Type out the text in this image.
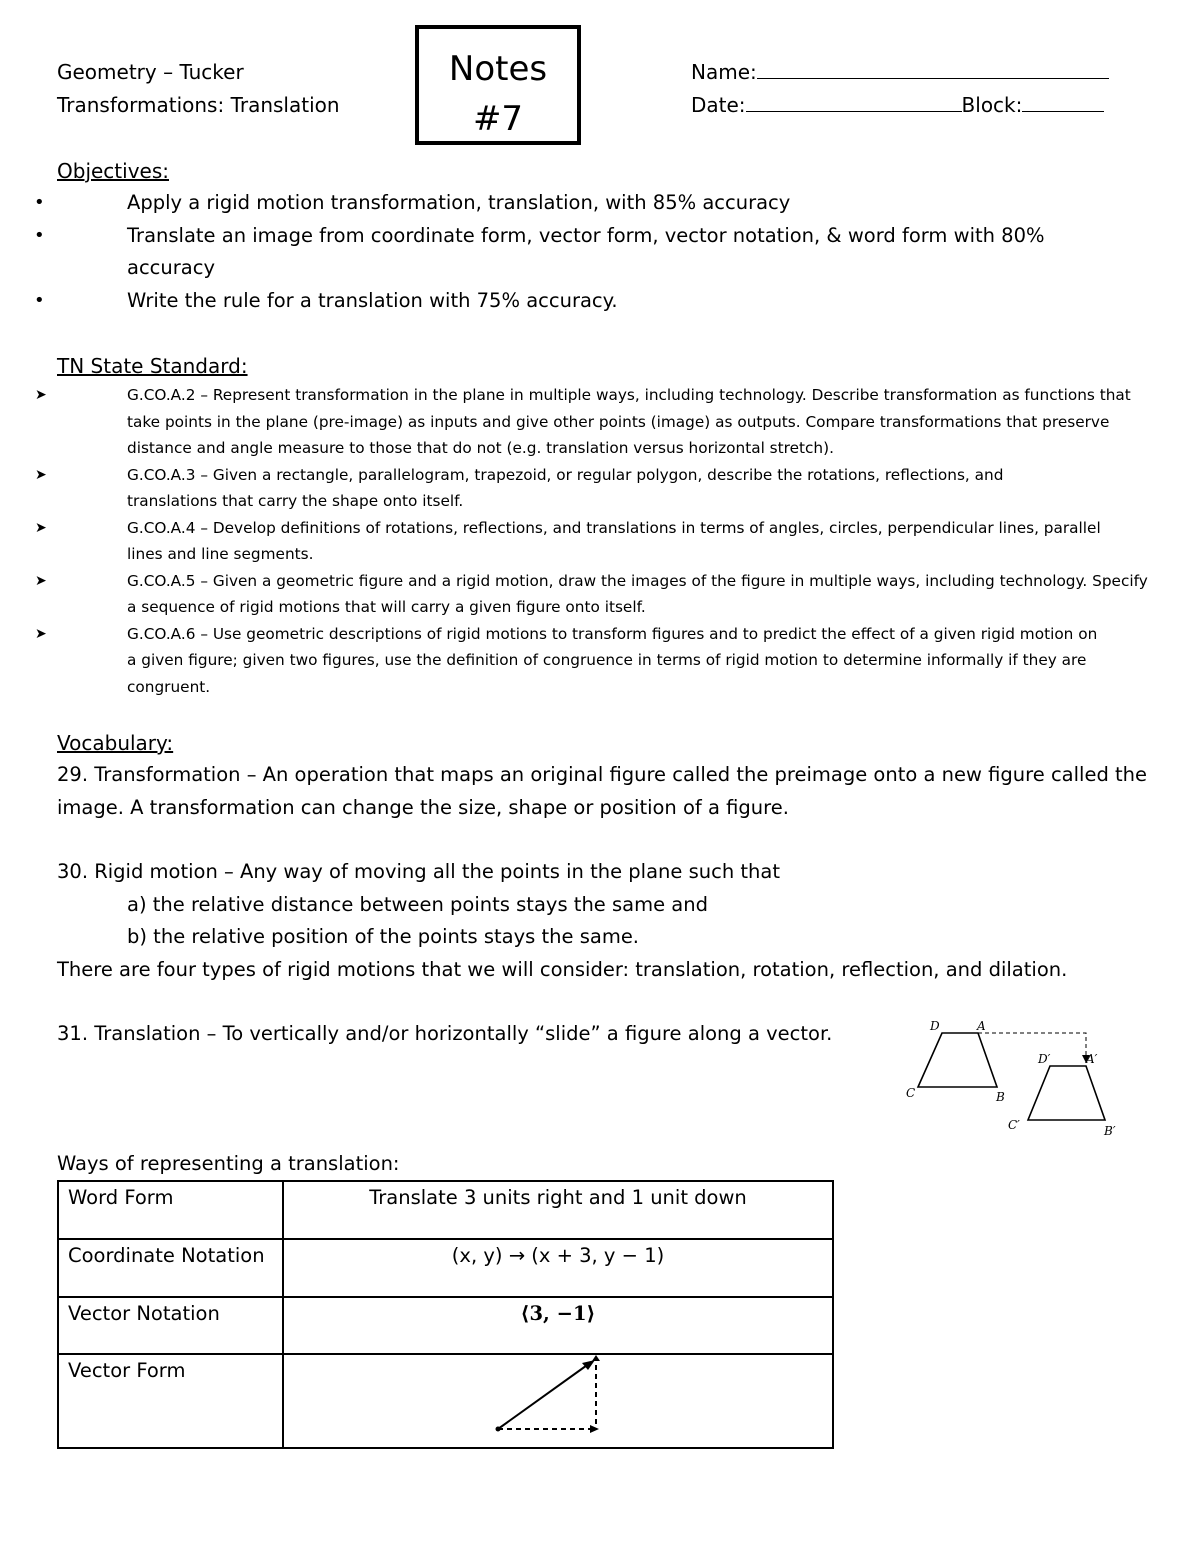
Geometry – Tucker
Transformations: Translation
Notes
#7
Name:
Date:	Block:
Objectives:
• Apply a rigid motion transformation, translation, with 85% accuracy
• Translate an image from coordinate form, vector form, vector notation, & word form with 80% accuracy
• Write the rule for a translation with 75% accuracy.
TN State Standard:
➤ G.CO.A.2 – Represent transformation in the plane in multiple ways, including technology. Describe transformation as functions that take points in the plane (pre-image) as inputs and give other points (image) as outputs. Compare transformations that preserve distance and angle measure to those that do not (e.g. translation versus horizontal stretch).
➤ G.CO.A.3 – Given a rectangle, parallelogram, trapezoid, or regular polygon, describe the rotations, reflections, and translations that carry the shape onto itself.
➤ G.CO.A.4 – Develop definitions of rotations, reflections, and translations in terms of angles, circles, perpendicular lines, parallel lines and line segments.
➤ G.CO.A.5 – Given a geometric figure and a rigid motion, draw the images of the figure in multiple ways, including technology. Specify a sequence of rigid motions that will carry a given figure onto itself.
➤ G.CO.A.6 – Use geometric descriptions of rigid motions to transform figures and to predict the effect of a given rigid motion on a given figure; given two figures, use the definition of congruence in terms of rigid motion to determine informally if they are congruent.
Vocabulary:
29. Transformation – An operation that maps an original figure called the preimage onto a new figure called the image. A transformation can change the size, shape or position of a figure.
30. Rigid motion – Any way of moving all the points in the plane such that
a) the relative distance between points stays the same and
b) the relative position of the points stays the same.
There are four types of rigid motions that we will consider: translation, rotation, reflection, and dilation.
31. Translation – To vertically and/or horizontally “slide” a figure along a vector.	D	A
B
C
D′	A′
B′
C′
Ways of representing a translation:
Word Form	Translate 3 units right and 1 unit down
Coordinate Notation	(x, y) → (x + 3, y − 1)
Vector Notation	⟨3, −1⟩
Vector Form	
